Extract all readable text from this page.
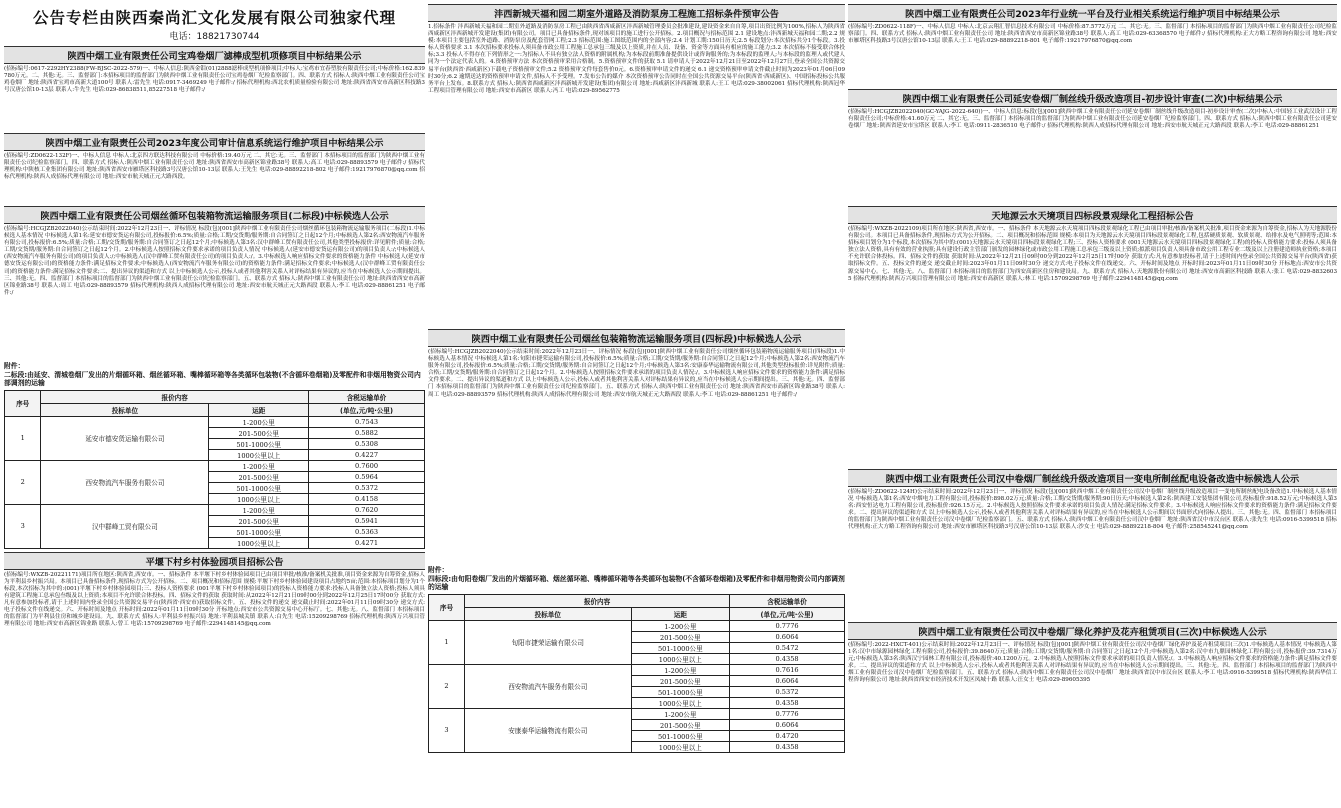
公告专栏由陕西秦尚汇文化发展有限公司独家代理
电话：18821730744
陕西中烟工业有限责任公司宝鸡卷烟厂滤棒成型机项修项目中标结果公示

(招标编号:0617-2292HY2388(FW-BJSC-2022-579)一、中标人信息:陕西金钼(01)2888滤棒成型机项修项目;中标人:宝鸡市宜春塑胶有限责任公司;中标价格:162.839780万元。二、其他:无。三、监督部门:本招标项目的监督部门为陕西中烟工业有限责任公司宝鸡卷烟厂纪检监察部门。四、联系方式 招标人:陕西中烟工业有限责任公司宝鸡卷烟厂 地址:陕西省宝鸡市高新大道100号 联系人:雷先生 电话:0917-3469249 电子邮件:/ 招标代理机构:西北农机质量检验有限公司 地址:陕西省西安市高新区科技路3号汉唐公馆10-13层 联系人:牛先生 电话:029-86838511,85227518 电子邮件:/

陕西中烟工业有限责任公司2023年度公司审计信息系统运行维护项目中标结果公示

(招标编号:ZD0622-132F)一、中标人信息 中标人:北京四方联达科技有限公司 中标价格:19.40万元 二、其它:无。三、监督部门 本招标项目的监督部门为陕西中烟工业有限责任公司纪检监察部门。四、联系方式 招标人:陕西中烟工业有限责任公司 地址:陕西省西安市高新区锦业路38号 联系人:高工 电话:029-88893579 电子邮件:/ 招标代理机构:中陕核工业集团有限公司 地址:陕西省西安市雁塔区科技路3号汉唐公馆10-13层 联系人:王先生 电话:029-88892218-802 电子邮件:19217976870@qq.com 招标代理机构:陕西人成招标代理有限公司 地址:西安市航天城正元大路西段。

陕西中烟工业有限责任公司烟丝循环包装箱物流运输服务项目(二标段)中标候选人公示

(招标编号:HCGJZB2022040)公示结束时间:2022年12月23日一、评标情况 标段(包)[001]陕西中烟工业有限责任公司烟丝循环包装箱物流运输服务项目(二标段)1.中标候选人基本情况 中标候选人第1名:延安市德安货运有限公司,投标报价:6.5%;质量:合格;工期/交货期/服务期:自合同签订之日起12个月;中标候选人第2名:西安物流汽车服务有限公司,投标报价:6.5%;质量:合格;工期/交货期/服务期:自合同签订之日起12个月;中标候选人第3名:汉中群峰工贸有限责任公司,其他类型投标报价:详见附件;质量:合格;工期/交货期/服务期:自合同签订之日起12个月。2.中标候选人按照招标文件要求承诺的项目负责人情况 中标候选人(延安市德安货运有限公司)的项目负责人:/;中标候选人(西安物流汽车服务有限公司)的项目负责人:/;中标候选人(汉中群峰工贸有限责任公司)的项目负责人:/。3.中标候选人响应招标文件要求的资格能力条件 中标候选人(延安市德安货运有限公司)的资格能力条件:满足招标文件要求;中标候选人(西安物流汽车服务有限公司)的资格能力条件:满足招标文件要求;中标候选人(汉中群峰工贸有限责任公司)的资格能力条件:满足招标文件要求;二、提出异议的渠道和方式 以上中标候选人公示,投标人或者其他利害关系人对评标结果有异议的,应当在中标候选人公示期间提出。三、其他:无。四、监督部门 本招标项目的监督部门为陕西中烟工业有限责任公司纪检监察部门。五、联系方式 招标人:陕西中烟工业有限责任公司 地址:陕西省西安市高新区锦业路38号 联系人:周工 电话:029-88893579 招标代理机构:陕西人成招标代理有限公司 地址:西安市航天城正元大路西段 联系人:李工 电话:029-88861251 电子邮件:/

附件：
二标段:由延安、渭城卷烟厂发出的片烟循环箱、烟丝循环箱、嘴棒循环箱等各类循环包装物(不含循环卷烟箱)及零配件和非烟用物资公司内部调剂的运输
序号	报价内容		含税运输单价
	投标单位	运距	(单位,元/吨·公里)
1	延安市德安货运输有限公司	1-200公里	0.7543
		201-500公里	0.5882
		501-1000公里	0.5308
		1000公里以上	0.4227
2	西安物流汽车服务有限公司	1-200公里	0.7600
		201-500公里	0.5964
		501-1000公里	0.5372
		1000公里以上	0.4158
3	汉中群峰工贸有限公司	1-200公里	0.7620
		201-500公里	0.5941
		501-1000公里	0.5363
		1000公里以上	0.4271
平堰下村乡村体验园项目招标公告

(招标编号:WXZB-20221171)项目所在地区:陕西省,西安市。一、招标条件 本平堰下村乡村体验园项目已由项目审批/核准/备案机关批准,项目资金来源为自筹资金,招标人为平利县乡村振兴局。本项目已具备招标条件,现招标方式为公开招标。二、项目概况和招标范围 规模:平堰下村乡村体验园建设项目占地约5亩;范围:本招标项目划分为1个标段,本次招标为其中的:(001)平堰下村乡村体验园项目;三、投标人资格要求 (001平堰下村乡村体验园项目)的投标人资格能力要求:投标人具备独立法人资格;投标人须具有建筑工程施工总承包叁级及以上资质;本项目不允许联合体投标。四、招标文件的获取 获取时间:从2022年12月21日09时00分到2022年12月25日17时00分 获取方式:凡有意参加投标者,请于上述时间内登录全国公共资源交易平台(陕西省·西安市)获取招标文件。五、投标文件的递交 递交截止时间:2022年01月11日09时30分 递交方式:电子投标文件在线递交。六、开标时间及地点 开标时间:2022年01月11日09时30分 开标地点:西安市公共资源交易中心开标厅。七、其他:无。八、监督部门 本招标项目的监督部门为平利县住房和城乡建设局。九、联系方式 招标人:平利县乡村振兴局 地址:平利县城关镇 联系人:白先生 电话:15209298769 招标代理机构:陕西万兴项目管理有限公司 地址:西安市高新区锦业路 联系人:曾工 电话:15709298769 电子邮件:2294148145@qq.com

沣西新城天福和园二期室外道路及消防泵房工程施工招标条件预审公告

1.招标条件 沣西新城天福和园二期室外道路及消防泵房工程已由陕西省西咸新区沣西新城管理委员会批准建设,建设资金来自自筹,项目出资比例为100%,招标人为陕西省西咸新区沣西新城开发建设(集团)有限公司。项目已具备招标条件,现对该项目的施工进行公开招标。2.项目概况与招标范围 2.1 建设地点:沣西新城天福和园二期;2.2 规模:本项目主要包括室外道路、消防泵房及配套管网工程;2.3 招标范围:施工图纸范围内的全部内容;2.4 计划工期:150日历天;2.5 标段划分:本次招标共分1个标段。3.投标人资格要求 3.1 本次招标要求投标人须具备市政公用工程施工总承包三级及以上资质,并在人员、设备、资金等方面具有相应的施工能力;3.2 本次招标不接受联合体投标;3.3 投标人不得存在下列情形之一:为招标人不具有独立法人资格的附属机构;为本标段前期准备提供设计或咨询服务的;为本标段的监理人;与本标段的监理人或代建人同为一个法定代表人的。4.资格预审方法 本次资格预审采用合格制。5.资格预审文件的获取 5.1 请申请人于2022年12月21日至2022年12月27日,登录全国公共资源交易平台(陕西省·西咸新区)下载电子资格预审文件;5.2 资格预审文件每套售价0元。6.资格预审申请文件的递交 6.1 递交资格预审申请文件截止时间为2023年01月06日09时30分;6.2 逾期送达的资格预审申请文件,招标人不予受理。7.发布公告的媒介 本次资格预审公告同时在全国公共资源交易平台(陕西省·西咸新区)、中国招标投标公共服务平台上发布。8.联系方式 招标人:陕西省西咸新区沣西新城开发建设(集团)有限公司 地址:西咸新区沣西新城 联系人:王工 电话:029-38002061 招标代理机构:陕西冠华工程项目管理有限公司 地址:西安市高新区 联系人:冯工 电话:029-89562775

陕西中烟工业有限责任公司烟丝包装箱物流运输服务项目(四标段)中标候选人公示

(招标编号:HCGJZB2022040)公示结束时间:2022年12月23日一、评标情况 标段(包)[001]陕西中烟工业有限责任公司烟丝循环包装箱物流运输服务项目(四标段)1.中标候选人基本情况 中标候选人第1名:旬阳市捷荣运输有限公司,投标报价:6.5%;质量:合格;工期/交货期/服务期:自合同签订之日起12个月;中标候选人第2名:西安物流汽车服务有限公司,投标报价:6.5%;质量:合格;工期/交货期/服务期:自合同签订之日起12个月;中标候选人第3名:安康泰华运输物流有限公司,其他类型投标报价:详见附件;质量:合格;工期/交货期/服务期:自合同签订之日起12个月。2.中标候选人按照招标文件要求承诺的项目负责人情况:/。3.中标候选人响应招标文件要求的资格能力条件:满足招标文件要求。二、提出异议的渠道和方式 以上中标候选人公示,投标人或者其他利害关系人对评标结果有异议的,应当在中标候选人公示期间提出。三、其他:无。四、监督部门 本招标项目的监督部门为陕西中烟工业有限责任公司纪检监察部门。五、联系方式 招标人:陕西中烟工业有限责任公司 地址:陕西省西安市高新区锦业路38号 联系人:周工 电话:029-88893579 招标代理机构:陕西人成招标代理有限公司 地址:西安市航天城正元大路西段 联系人:李工 电话:029-88861251 电子邮件:/

附件：
四标段:由旬阳卷烟厂发出的片烟循环箱、烟丝循环箱、嘴棒循环箱等各类循环包装物(不含循环卷烟箱)及零配件和非烟用物资公司内部调剂的运输
序号	报价内容		含税运输单价
	投标单位	运距	(单位,元/吨·公里)
1	旬阳市捷荣运输有限公司	1-200公里	0.7776
		201-500公里	0.6064
		501-1000公里	0.5472
		1000公里以上	0.4358
2	西安物流汽车服务有限公司	1-200公里	0.7616
		201-500公里	0.6064
		501-1000公里	0.5372
		1000公里以上	0.4358
3	安康泰华运输物流有限公司	1-200公里	0.7776
		201-500公里	0.6064
		501-1000公里	0.4720
		1000公里以上	0.4358
陕西中烟工业有限责任公司2023年行业统一平台及行业相关系统运行维护项目中标结果公示

(招标编号:ZD0622-118F)一、中标人信息 中标人:北京云翔汇智信息技术有限公司 中标价格:87.5772万元 二、其它:无。三、监督部门 本招标项目的监督部门为陕西中烟工业有限责任公司纪检监察部门。四、联系方式 招标人:陕西中烟工业有限责任公司 地址:陕西省西安市高新区锦业路38号 联系人:高工 电话:029-63368570 电子邮件:/ 招标代理机构:正大方略工程咨询有限公司 地址:西安市雁塔区科技路3号汉唐公馆10-13层 联系人:王工 电话:029-88892218-801 电子邮件:19217976870@qq.com

陕西中烟工业有限责任公司延安卷烟厂制丝线升级改造项目-初步设计审查(二次)中标结果公示

(招标编号:HCGJZB2022040(GC-YAJG-2022-640))一、中标人信息:标段(包)[001]陕西中烟工业有限责任公司延安卷烟厂制丝线升级改造项目-初步设计审查(二次)中标人:中国轻工业武汉设计工程有限责任公司;中标价格:41.60万元 二、其它:无。三、监督部门 本招标项目的监督部门为陕西中烟工业有限责任公司延安卷烟厂纪检监察部门。四、联系方式 招标人:陕西中烟工业有限责任公司延安卷烟厂 地址:陕西省延安市宝塔区 联系人:李工 电话:0911-2836510 电子邮件:/ 招标代理机构:陕西人成招标代理有限公司 地址:西安市航天城正元大路西段 联系人:李工 电话:029-88861251

天地源云水天境项目四标段景观绿化工程招标公告

(招标编号:WXZB-2022109)项目所在地区:陕西省,西安市。一、招标条件 本天地源云水天境项目四标段景观绿化工程已由项目审批/核准/备案机关批准,项目资金来源为自筹资金,招标人为天地源股份有限公司。本项目已具备招标条件,现招标方式为公开招标。二、项目概况和招标范围 规模:本项目为天地源云水天境项目四标段景观绿化工程,包括硬质景观、软质景观、给排水及电气照明等;范围:本招标项目划分为1个标段,本次招标为其中的:(001)天地源云水天境项目四标段景观绿化工程;三、投标人资格要求 (001天地源云水天境项目四标段景观绿化工程)的投标人资格能力要求:投标人须具备独立法人资格,具有有效的营业执照;具有建设行政主管部门颁发的园林绿化或市政公用工程施工总承包三级及以上资质;拟派项目负责人须具备市政公用工程专业二级及以上注册建造师执业资格;本项目不允许联合体投标。四、招标文件的获取 获取时间:从2022年12月21日09时00分到2022年12月25日17时00分 获取方式:凡有意参加投标者,请于上述时间内登录全国公共资源交易平台(陕西省)获取招标文件。五、投标文件的递交 递交截止时间:2023年01月11日09时30分 递交方式:电子投标文件在线递交。六、开标时间及地点 开标时间:2023年01月11日09时30分 开标地点:西安市公共资源交易中心。七、其他:无。八、监督部门 本招标项目的监督部门为西安高新区住房和建设局。九、联系方式 招标人:天地源股份有限公司 地址:西安市高新区科技路 联系人:张工 电话:029-88326035 招标代理机构:陕西万兴项目管理有限公司 地址:西安市高新区 联系人:林工 电话:15709298769 电子邮件:2294148145@qq.com

陕西中烟工业有限责任公司汉中卷烟厂制丝线升级改造项目一变电所制丝配电设备改造中标候选人公示

(招标编号:ZD0622-124H)公示结束时间:2022年12月23日一、评标情况 标段(包)[001]陕西中烟工业有限责任公司汉中卷烟厂制丝线升级改造项目一变电所制丝配电设备改造1.中标候选人基本情况 中标候选人第1名:西安中烟电力工程有限公司,投标报价:898.02万元;质量:合格;工期/交货期/服务期:90日历天;中标候选人第2名:陕西建工安装集团有限公司,投标报价:918.52万元;中标候选人第3名:西安恒达电力工程有限公司,投标报价:926.15万元。2.中标候选人按照招标文件要求承诺的项目负责人情况:满足招标文件要求。3.中标候选人响应招标文件要求的资格能力条件:满足招标文件要求。二、提出异议的渠道和方式 以上中标候选人公示,投标人或者其他利害关系人对评标结果有异议的,应当在中标候选人公示期间以书面形式向招标人提出。三、其他:无。四、监督部门 本招标项目的监督部门为陕西中烟工业有限责任公司汉中卷烟厂纪检监察部门。五、联系方式 招标人:陕西中烟工业有限责任公司汉中卷烟厂 地址:陕西省汉中市汉台区 联系人:张先生 电话:0916-5399518 招标代理机构:正大方略工程咨询有限公司 地址:西安市雁塔区科技路3号汉唐公馆10-13层 联系人:沙女士 电话:029-88892218-804 电子邮件:258545241@qq.com

陕西中烟工业有限责任公司汉中卷烟厂绿化养护及花卉租赁项目(三次)中标候选人公示

(招标编号:2022-HXCT-401)公示结束时间:2022年12月23日一、评标情况 标段(包)[001]陕西中烟工业有限责任公司汉中卷烟厂绿化养护及花卉租赁项目(三次)1.中标候选人基本情况 中标候选人第1名:汉中市绿源园林绿化工程有限公司,投标报价:39.8640万元;质量:合格;工期/交货期/服务期:自合同签订之日起12个月;中标候选人第2名:汉中市九鼎园林绿化工程有限公司,投标报价:39.7314万元;中标候选人第3名:陕西汉宁园林工程有限公司,投标报价:40.1200万元。2.中标候选人按照招标文件要求承诺的项目负责人情况:/。3.中标候选人响应招标文件要求的资格能力条件:满足招标文件要求。二、提出异议的渠道和方式 以上中标候选人公示,投标人或者其他利害关系人对评标结果有异议的,应当在中标候选人公示期间提出。三、其他:无。四、监督部门 本招标项目的监督部门为陕西中烟工业有限责任公司汉中卷烟厂纪检监察部门。五、联系方式 招标人:陕西中烟工业有限责任公司汉中卷烟厂 地址:陕西省汉中市汉台区 联系人:李工 电话:0916-5399518 招标代理机构:陕西华信工程咨询有限公司 地址:陕西省西安市经济技术开发区凤城十路 联系人:汪女士 电话:029-89605395
